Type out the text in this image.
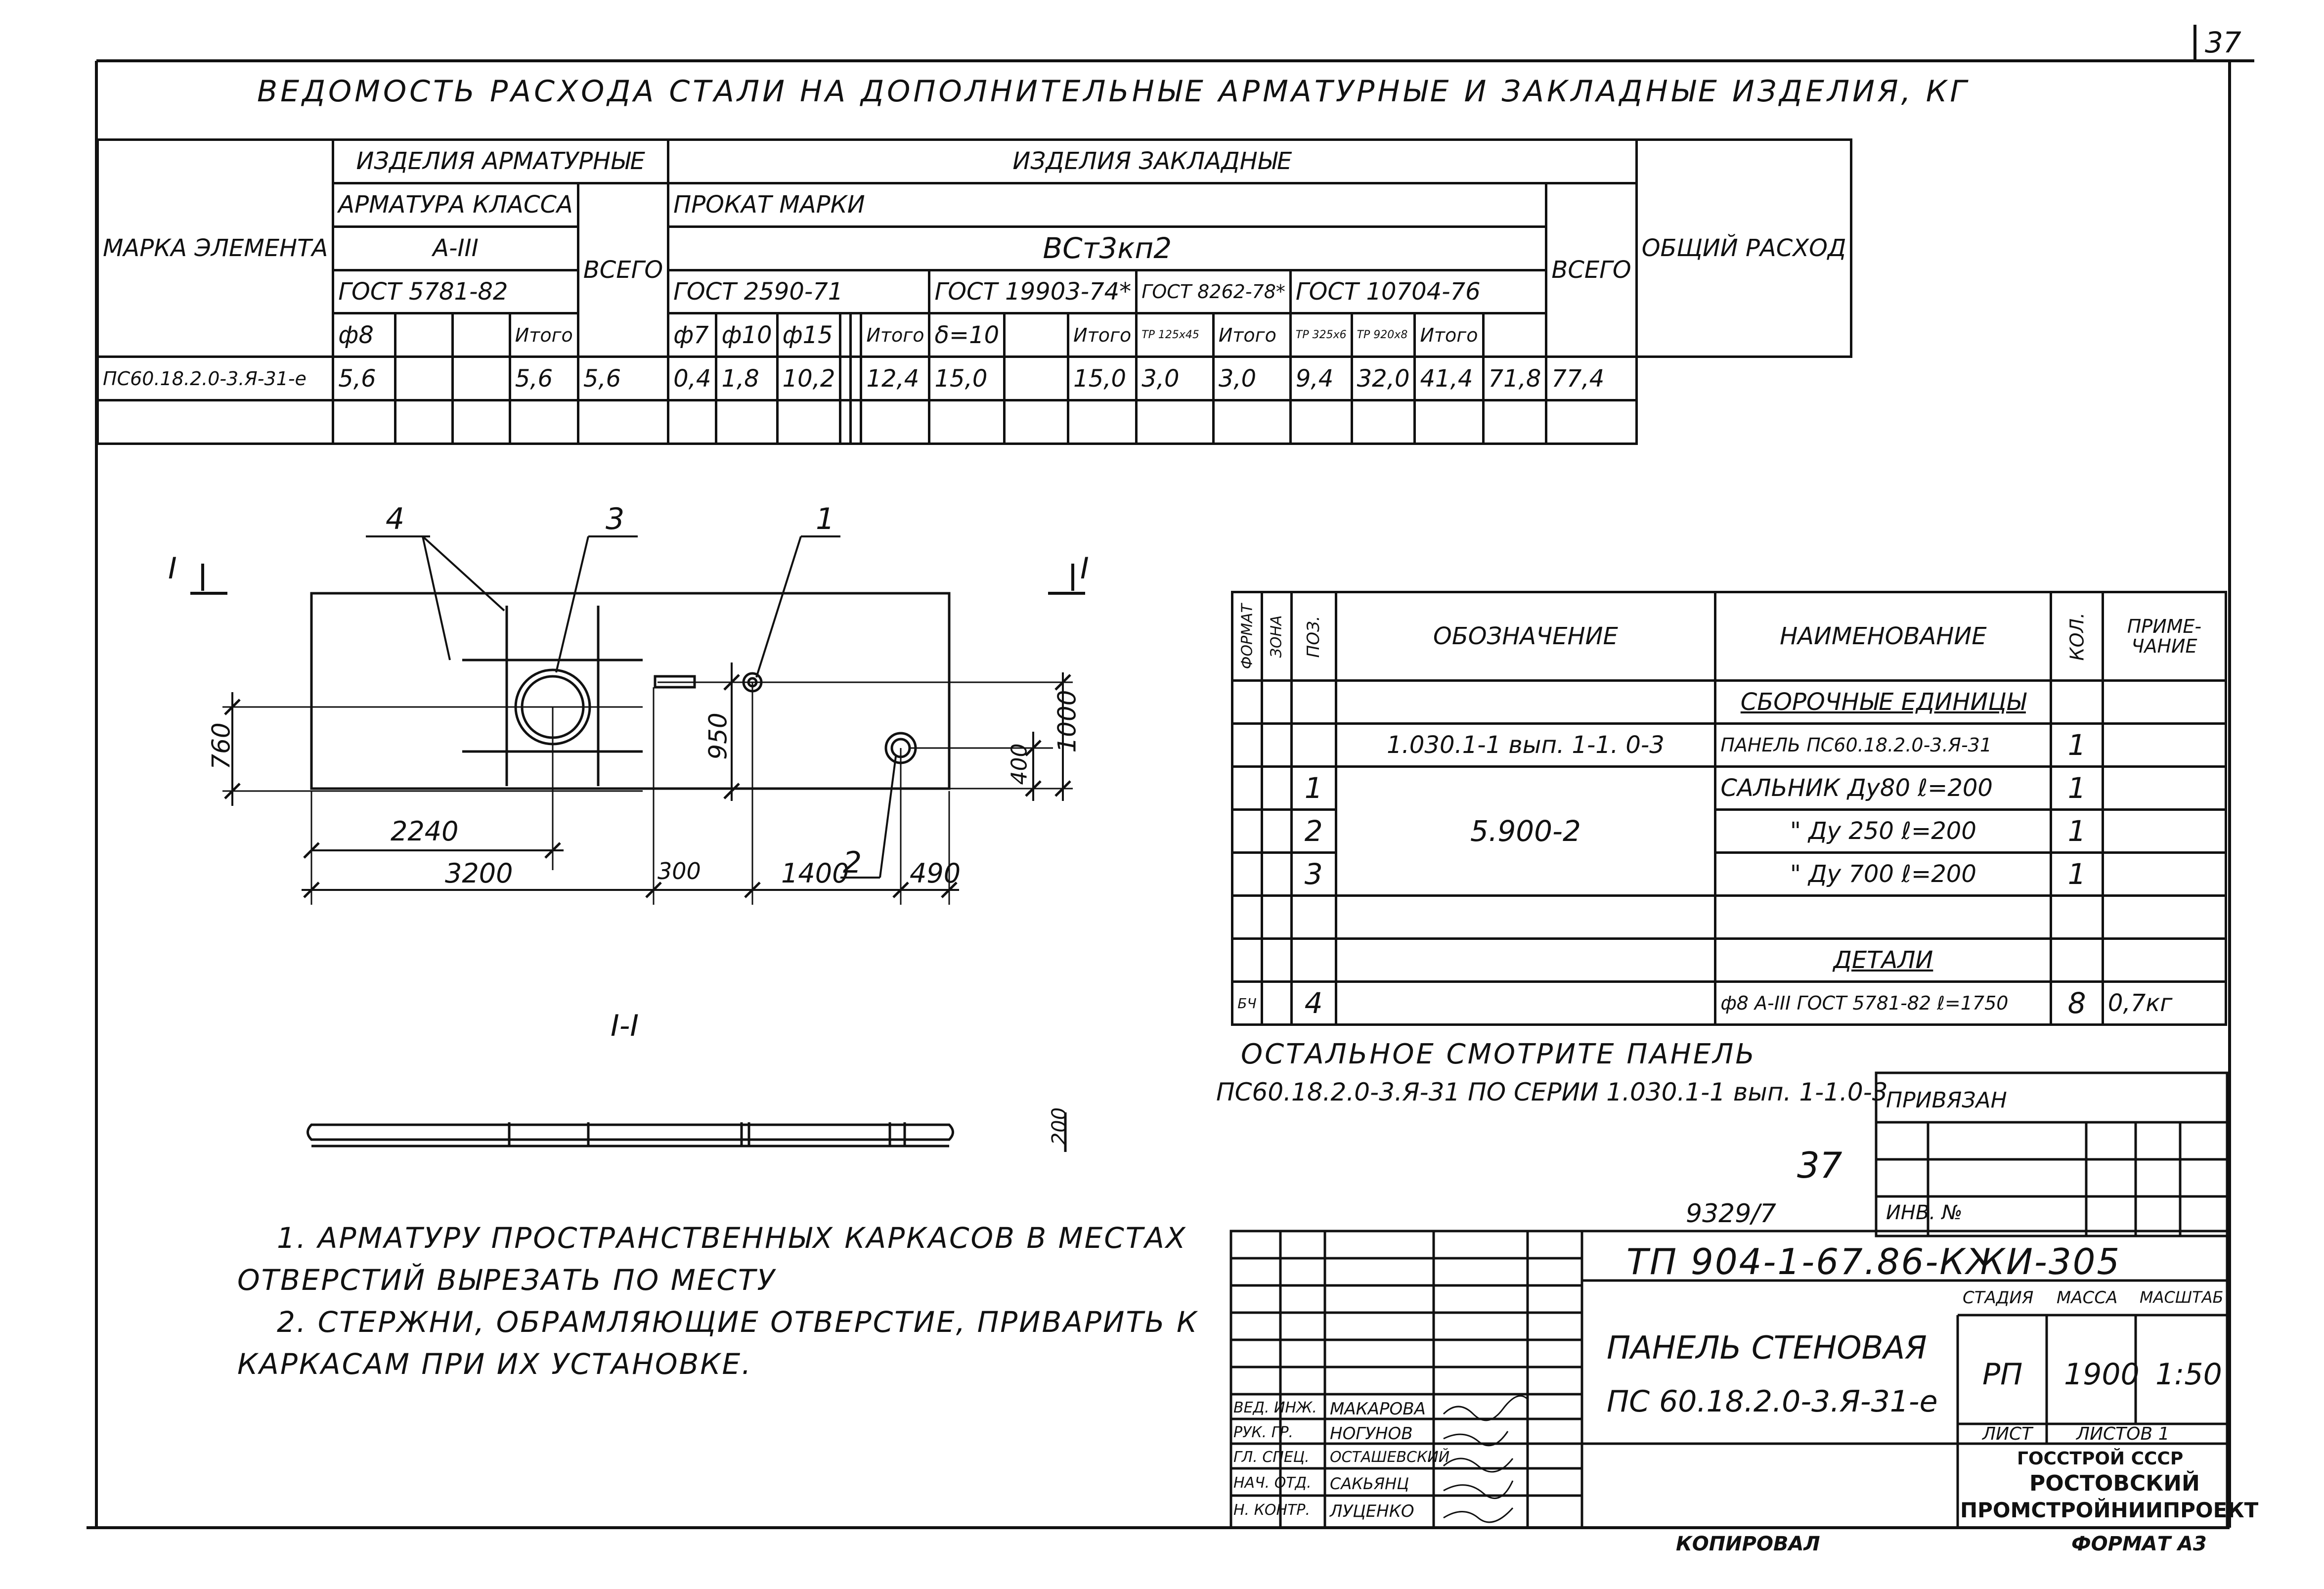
37
ВЕДОМОСТЬ РАСХОДА СТАЛИ НА ДОПОЛНИТЕЛЬНЫЕ АРМАТУРНЫЕ И ЗАКЛАДНЫЕ ИЗДЕЛИЯ, КГ
МАРКА ЭЛЕМЕНТА	ИЗДЕЛИЯ АРМАТУРНЫЕ					ИЗДЕЛИЯ ЗАКЛАДНЫЕ																ОБЩИЙ РАСХОД
	АРМАТУРА КЛАССА				ВСЕГО	ПРОКАТ МАРКИ															ВСЕГО	
	А-III					ВСт3кп2																
	ГОСТ 5781-82					ГОСТ 2590-71						ГОСТ 19903-74*			ГОСТ 8262-78*		ГОСТ 10704-76					
	ф8			Итого		ф7	ф10	ф15			Итого	δ=10		Итого	ТР 125х45	Итого	ТР 325х6	ТР 920х8	Итого			
ПС60.18.2.0-3.Я-31-е	5,6			5,6	5,6	0,4	1,8	10,2			12,4	15,0		15,0	3,0	3,0	9,4	32,0	41,4	71,8	77,4	

I	I
4	3	1
2
760
2240
3200
950
300	1400 490
400
1000
200
I-I
ФОРМАТ	ЗОНА	ПОЗ.	ОБОЗНАЧЕНИЕ	НАИМЕНОВАНИЕ	КОЛ.	ПРИМЕ-ЧАНИЕ
				СБОРОЧНЫЕ ЕДИНИЦЫ		
			1.030.1-1 вып. 1-1. 0-3	ПАНЕЛЬ ПС60.18.2.0-3.Я-31	1	
		1	5.900-2	САЛЬНИК Ду80 ℓ=200	1	
		2		" Ду 250 ℓ=200	1	
		3		" Ду 700 ℓ=200	1	

				ДЕТАЛИ		
БЧ		4		ф8 А-III ГОСТ 5781-82 ℓ=1750	8	0,7кг
ОСТАЛЬНОЕ СМОТРИТЕ ПАНЕЛЬ
ПС60.18.2.0-3.Я-31 ПО СЕРИИ 1.030.1-1 вып. 1-1.0-3
ПРИВЯЗАН
ИНВ. №
37
9329/7
1. АРМАТУРУ ПРОСТРАНСТВЕННЫХ КАРКАСОВ В МЕСТАХ
ОТВЕРСТИЙ ВЫРЕЗАТЬ ПО МЕСТУ
2. СТЕРЖНИ, ОБРАМЛЯЮЩИЕ ОТВЕРСТИЕ, ПРИВАРИТЬ К
КАРКАСАМ ПРИ ИХ УСТАНОВКЕ.
ТП 904-1-67.86-КЖИ-305
ПАНЕЛЬ СТЕНОВАЯ
ПС 60.18.2.0-3.Я-31-е
СТАДИЯ МАССА МАСШТАБ
РП 1900 1:50
ЛИСТ ЛИСТОВ 1
ГОССТРОЙ СССР
РОСТОВСКИЙ
ПРОМСТРОЙНИИПРОЕКТ
ВЕД. ИНЖ. МАКАРОВА
РУК. ГР. НОГУНОВ
ГЛ. СПЕЦ. ОСТАШЕВСКИЙ
НАЧ. ОТД. САКЬЯНЦ
Н. КОНТР. ЛУЦЕНКО
КОПИРОВАЛ	ФОРМАТ А3
